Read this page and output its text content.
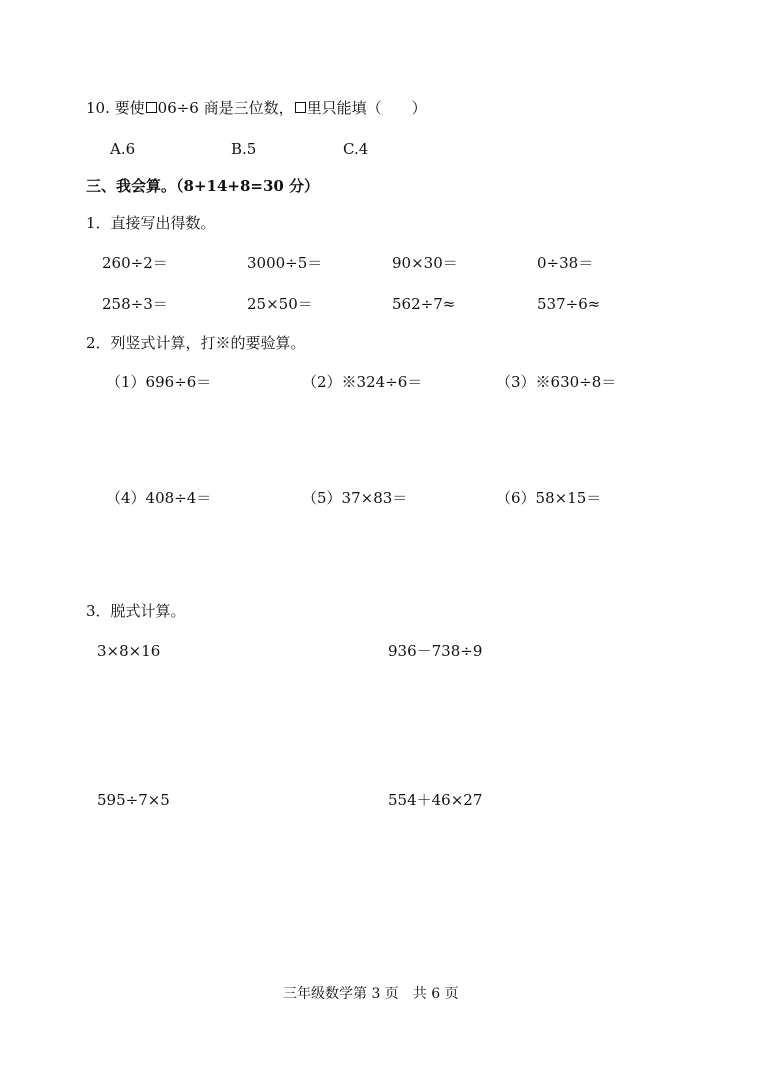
10. 要使 06÷6 商是三位数， 里只能填（　　）
A.6	B.5	C.4
三、我会算。（8+14+8=30 分）
1．直接写出得数。
260÷2＝	3000÷5＝	90×30＝	0÷38＝
258÷3＝	25×50＝	562÷7≈	537÷6≈
2．列竖式计算，打※的要验算。
（1）696÷6＝	（2）※324÷6＝	（3）※630÷8＝
（4）408÷4＝	（5）37×83＝	（6）58×15＝
3．脱式计算。
3×8×16	936－738÷9
595÷7×5	554＋46×27
三年级数学第 3 页　共 6 页
